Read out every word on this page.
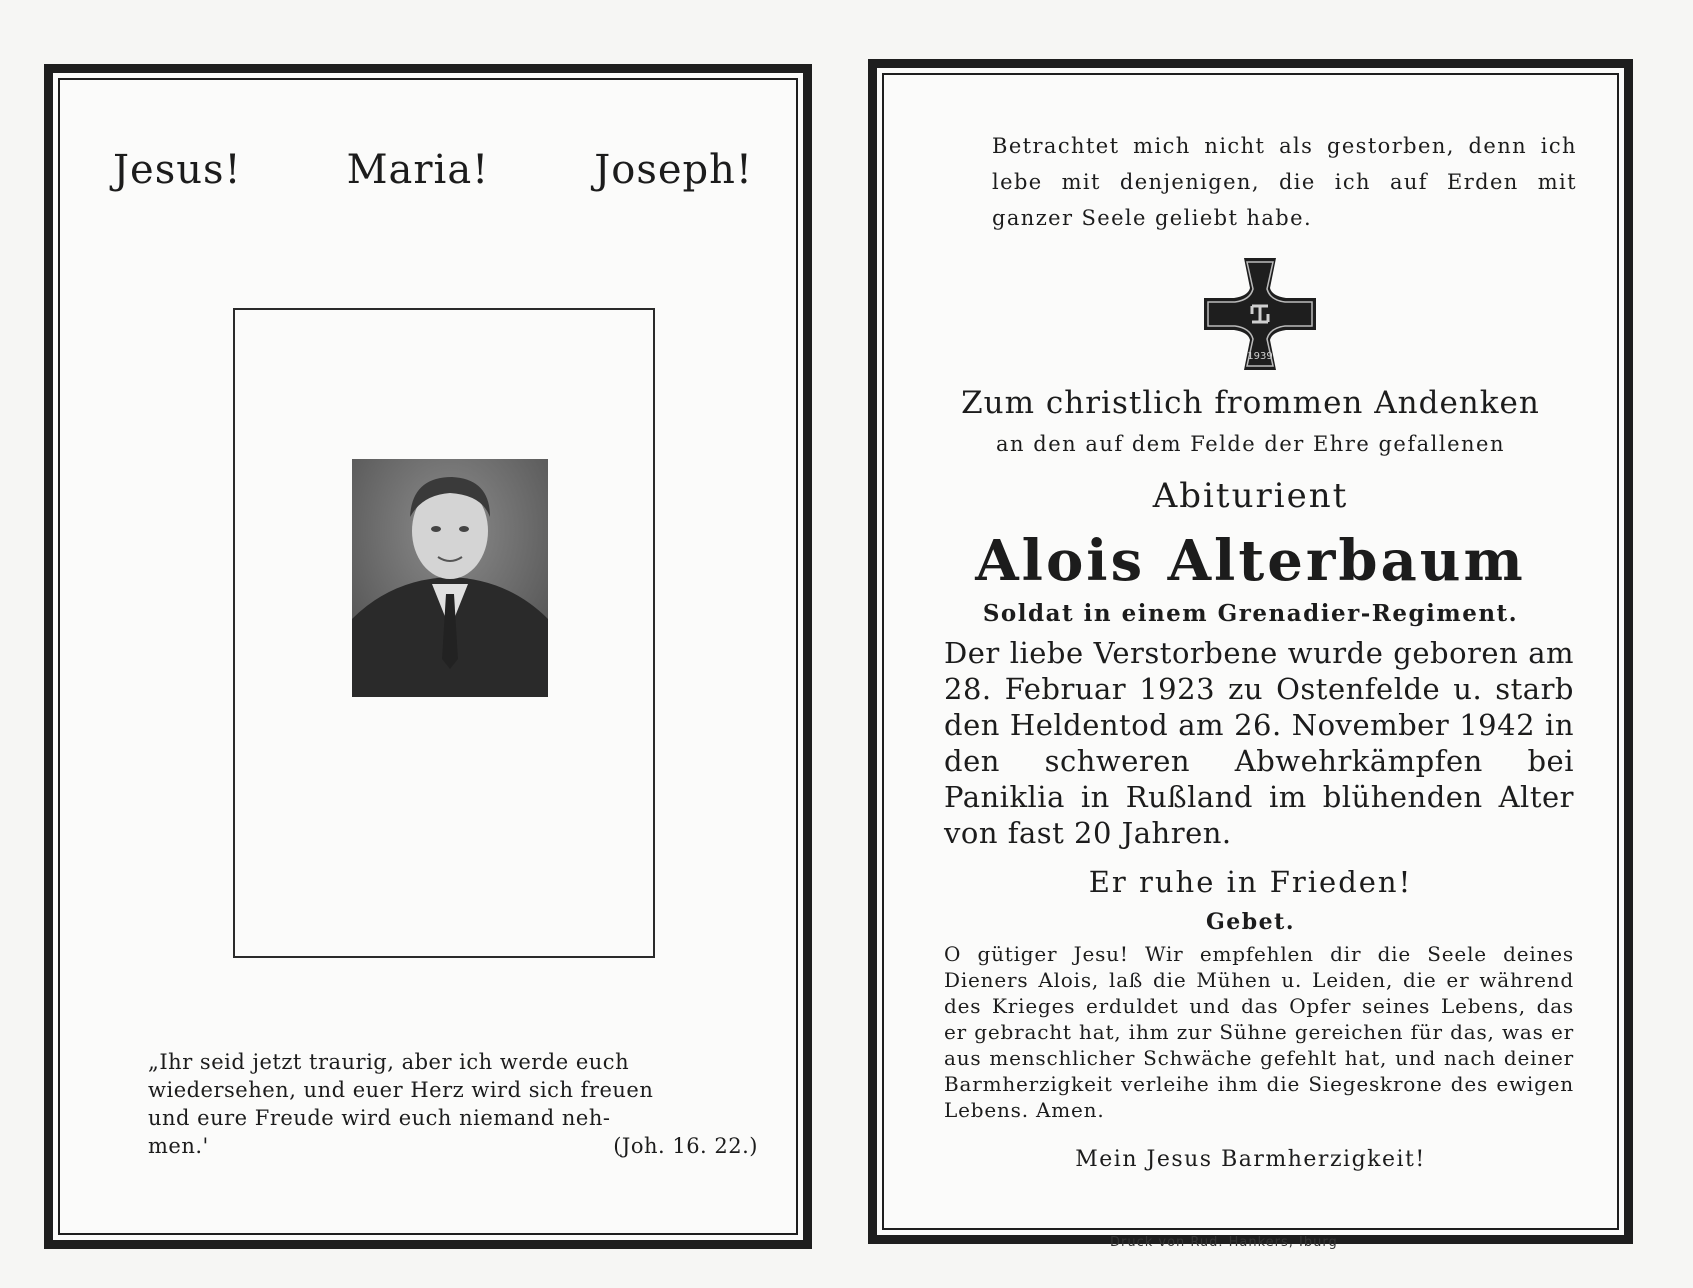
Jesus!	Maria!	Joseph!
„Ihr seid jetzt traurig, aber ich werde euch
wiedersehen, und euer Herz wird sich freuen
und eure Freude wird euch niemand neh-
men.'	(Joh. 16. 22.)
Betrachtet mich nicht als gestorben, denn ich lebe mit denjenigen, die ich auf Erden mit ganzer Seele geliebt habe.
1939
Zum christlich frommen Andenken
an den auf dem Felde der Ehre gefallenen
Abiturient
Alois Alterbaum
Soldat in einem Grenadier-Regiment.
Der liebe Verstorbene wurde geboren am 28. Februar 1923 zu Ostenfelde u. starb den Heldentod am 26. November 1942 in den schweren Abwehrkämpfen bei Paniklia in Rußland im blühenden Alter von fast 20 Jahren.
Er ruhe in Frieden!
Gebet.
O gütiger Jesu! Wir empfehlen dir die Seele deines Dieners Alois, laß die Mühen u. Leiden, die er während des Krieges erduldet und das Opfer seines Lebens, das er gebracht hat, ihm zur Sühne gereichen für das, was er aus menschlicher Schwäche gefehlt hat, und nach deiner Barmherzigkeit verleihe ihm die Siegeskrone des ewigen Lebens. Amen.
Mein Jesus Barmherzigkeit!
Druck von Rud. Hankers, Iburg
